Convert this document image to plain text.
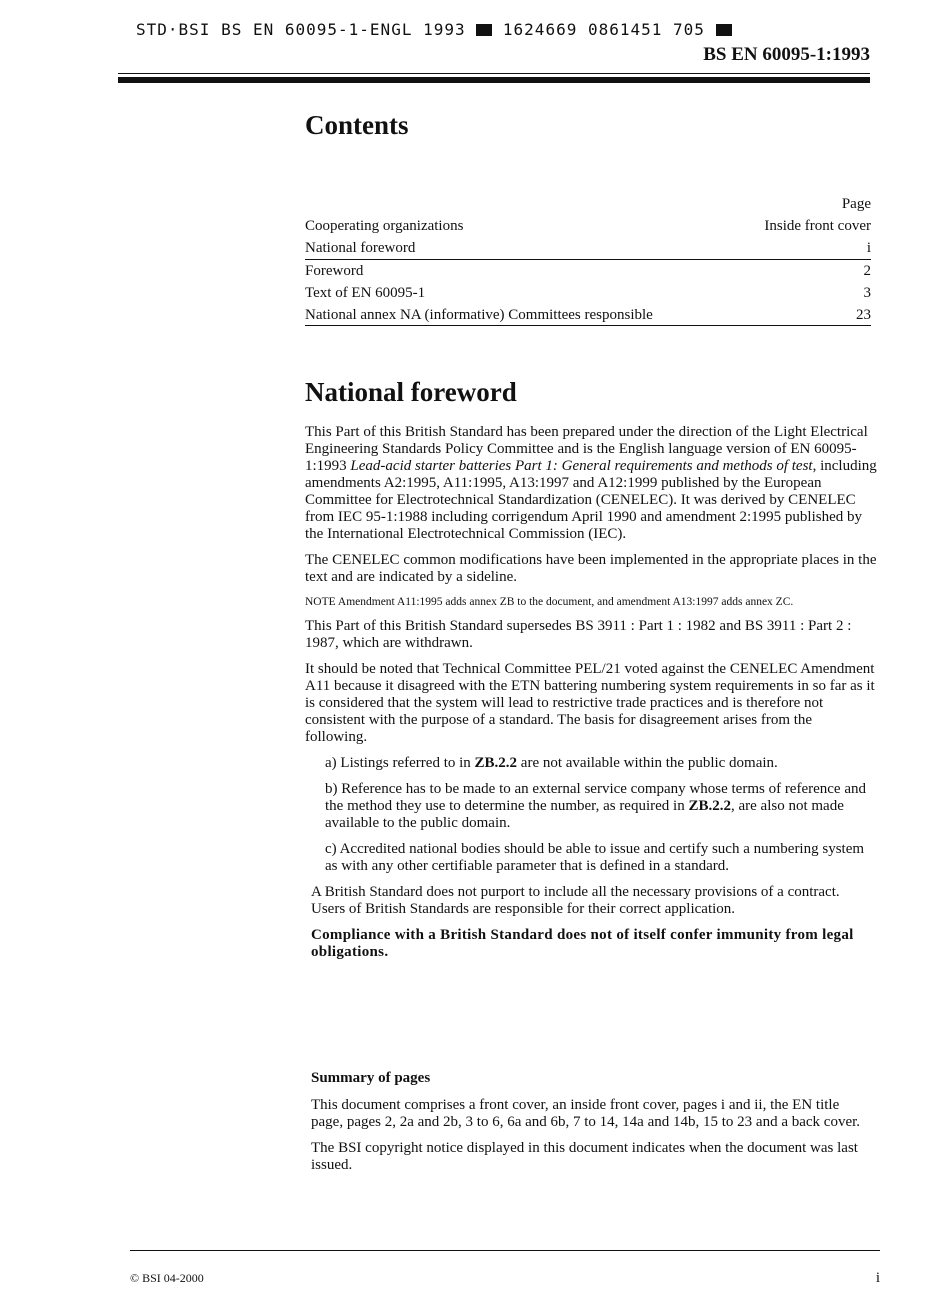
STD·BSI BS EN 60095-1-ENGL 1993 1624669 0861451 705
BS EN 60095-1:1993
Contents
Page
Cooperating organizations	Inside front cover
National foreword	i
Foreword	2
Text of EN 60095-1	3
National annex NA (informative) Committees responsible	23
National foreword

This Part of this British Standard has been prepared under the direction of the Light Electrical Engineering Standards Policy Committee and is the English language version of EN 60095-1:1993 Lead-acid starter batteries Part 1: General requirements and methods of test, including amendments A2:1995, A11:1995, A13:1997 and A12:1999 published by the European Committee for Electrotechnical Standardization (CENELEC). It was derived by CENELEC from IEC 95-1:1988 including corrigendum April 1990 and amendment 2:1995 published by the International Electrotechnical Commission (IEC).

The CENELEC common modifications have been implemented in the appropriate places in the text and are indicated by a sideline.

NOTE Amendment A11:1995 adds annex ZB to the document, and amendment A13:1997 adds annex ZC.

This Part of this British Standard supersedes BS 3911 : Part 1 : 1982 and BS 3911 : Part 2 : 1987, which are withdrawn.

It should be noted that Technical Committee PEL/21 voted against the CENELEC Amendment A11 because it disagreed with the ETN battering numbering system requirements in so far as it is considered that the system will lead to restrictive trade practices and is therefore not consistent with the purpose of a standard. The basis for disagreement arises from the following.

a) Listings referred to in ZB.2.2 are not available within the public domain.

b) Reference has to be made to an external service company whose terms of reference and the method they use to determine the number, as required in ZB.2.2, are also not made available to the public domain.

c) Accredited national bodies should be able to issue and certify such a numbering system as with any other certifiable parameter that is defined in a standard.

A British Standard does not purport to include all the necessary provisions of a contract. Users of British Standards are responsible for their correct application.

Compliance with a British Standard does not of itself confer immunity from legal obligations.

Summary of pages

This document comprises a front cover, an inside front cover, pages i and ii, the EN title page, pages 2, 2a and 2b, 3 to 6, 6a and 6b, 7 to 14, 14a and 14b, 15 to 23 and a back cover.

The BSI copyright notice displayed in this document indicates when the document was last issued.

© BSI 04-2000	i
